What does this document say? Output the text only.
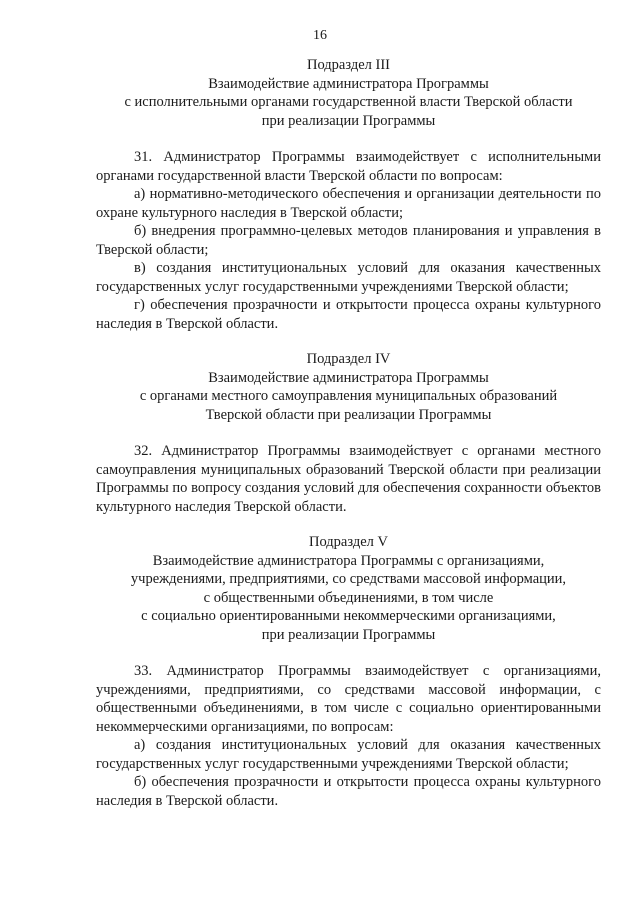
16
Подраздел III
Взаимодействие администратора Программы
с исполнительными органами государственной власти Тверской области
при реализации Программы

31. Администратор Программы взаимодействует с исполнительными органами государственной власти Тверской области по вопросам:

а) нормативно-методического обеспечения и организации деятельности по охране культурного наследия в Тверской области;

б) внедрения программно-целевых методов планирования и управления в Тверской области;

в) создания институциональных условий для оказания качественных государственных услуг государственными учреждениями Тверской области;

г) обеспечения прозрачности и открытости процесса охраны культурного наследия в Тверской области.

Подраздел IV
Взаимодействие администратора Программы
с органами местного самоуправления муниципальных образований
Тверской области при реализации Программы

32. Администратор Программы взаимодействует с органами местного самоуправления муниципальных образований Тверской области при реализации Программы по вопросу создания условий для обеспечения сохранности объектов культурного наследия Тверской области.

Подраздел V
Взаимодействие администратора Программы с организациями,
учреждениями, предприятиями, со средствами массовой информации,
с общественными объединениями, в том числе
с социально ориентированными некоммерческими организациями,
при реализации Программы

33. Администратор Программы взаимодействует с организациями, учреждениями, предприятиями, со средствами массовой информации, с общественными объединениями, в том числе с социально ориентированными некоммерческими организациями, по вопросам:

а) создания институциональных условий для оказания качественных государственных услуг государственными учреждениями Тверской области;

б) обеспечения прозрачности и открытости процесса охраны культурного наследия в Тверской области.
